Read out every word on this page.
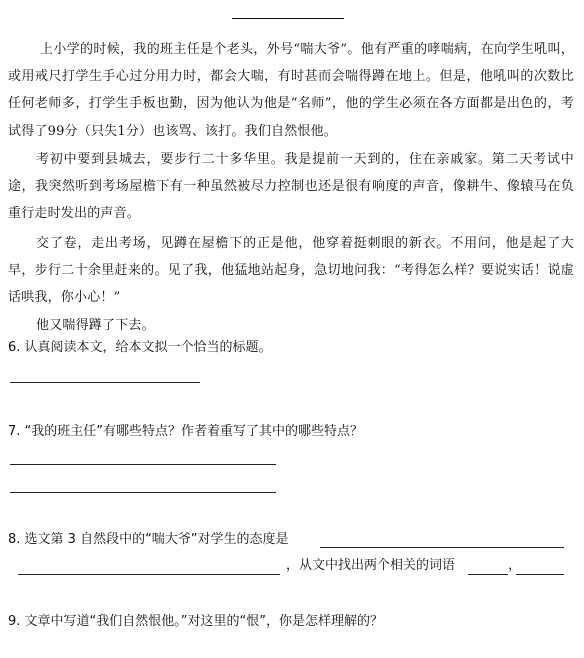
上小学的时候，我的班主任是个老头，外号“喘大爷”。他有严重的哮喘病，在向学生吼叫，或用戒尺打学生手心过分用力时，都会大喘，有时甚而会喘得蹲在地上。但是，他吼叫的次数比任何老师多，打学生手板也勤，因为他认为他是“名师”，他的学生必须在各方面都是出色的，考试得了99分（只失1分）也该骂、该打。我们自然恨他。

考初中要到县城去，要步行二十多华里。我是提前一天到的，住在亲戚家。第二天考试中途，我突然听到考场屋檐下有一种虽然被尽力控制也还是很有响度的声音，像耕牛、像辕马在负重行走时发出的声音。

交了卷，走出考场，见蹲在屋檐下的正是他，他穿着挺刺眼的新衣。不用问，他是起了大早，步行二十余里赶来的。见了我，他猛地站起身，急切地问我：“考得怎么样？要说实话！说虚话哄我，你小心！”

他又喘得蹲了下去。

6. 认真阅读本文，给本文拟一个恰当的标题。

7. “我的班主任”有哪些特点？作者着重写了其中的哪些特点？

8. 选文第 3 自然段中的“喘大爷”对学生的态度是

，从文中找出两个相关的词语	，

9. 文章中写道“我们自然恨他。”对这里的“恨”，你是怎样理解的？
